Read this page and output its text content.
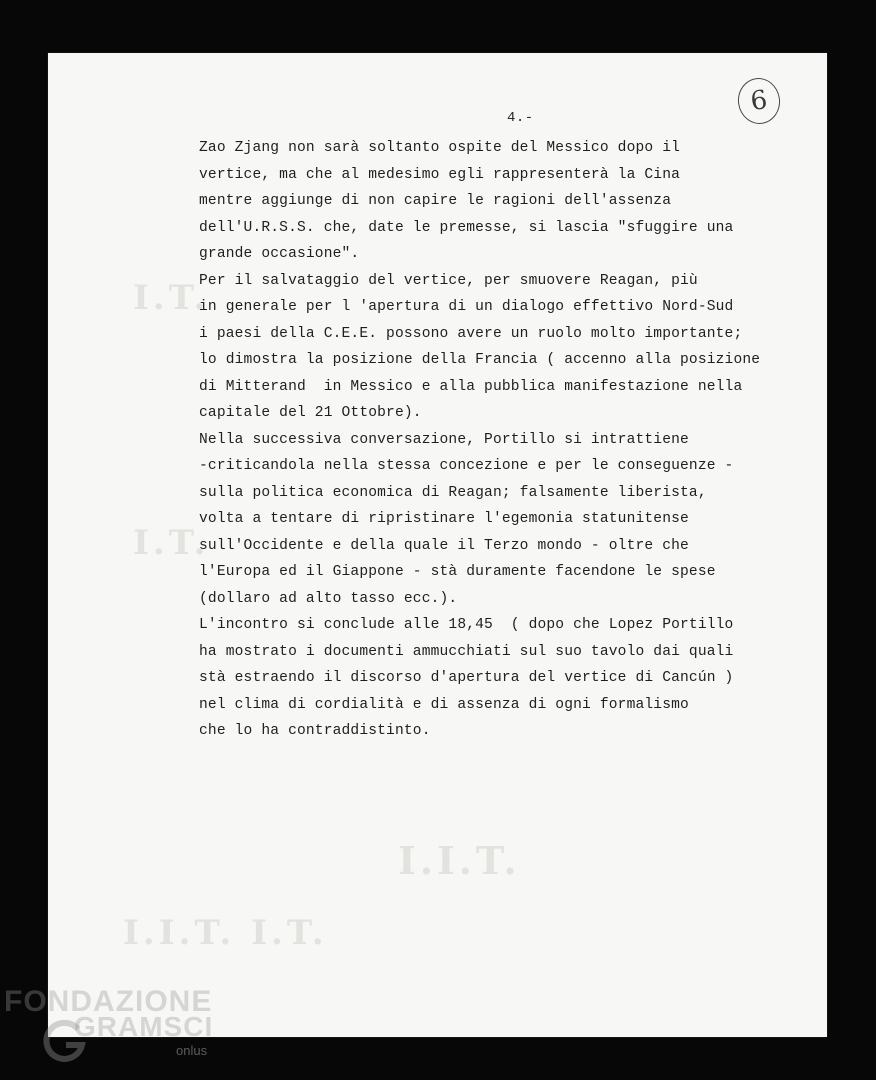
I.T.
I.T.
I.I.T.
I.I.T. I.T.
4.-
6
Zao Zjang non sarà soltanto ospite del Messico dopo il
vertice, ma che al medesimo egli rappresenterà la Cina
mentre aggiunge di non capire le ragioni dell'assenza
dell'U.R.S.S. che, date le premesse, si lascia "sfuggire una
grande occasione".
Per il salvataggio del vertice, per smuovere Reagan, più
in generale per l 'apertura di un dialogo effettivo Nord-Sud
i paesi della C.E.E. possono avere un ruolo molto importante;
lo dimostra la posizione della Francia ( accenno alla posizione
di Mitterand  in Messico e alla pubblica manifestazione nella
capitale del 21 Ottobre).
Nella successiva conversazione, Portillo si intrattiene
-criticandola nella stessa concezione e per le conseguenze -
sulla politica economica di Reagan; falsamente liberista,
volta a tentare di ripristinare l'egemonia statunitense
sull'Occidente e della quale il Terzo mondo - oltre che
l'Europa ed il Giappone - stà duramente facendone le spese
(dollaro ad alto tasso ecc.).
L'incontro si conclude alle 18,45  ( dopo che Lopez Portillo
ha mostrato i documenti ammucchiati sul suo tavolo dai quali
stà estraendo il discorso d'apertura del vertice di Cancún )
nel clima di cordialità e di assenza di ogni formalismo
che lo ha contraddistinto.
FONDAZIONE
GRAMSCI
onlus
